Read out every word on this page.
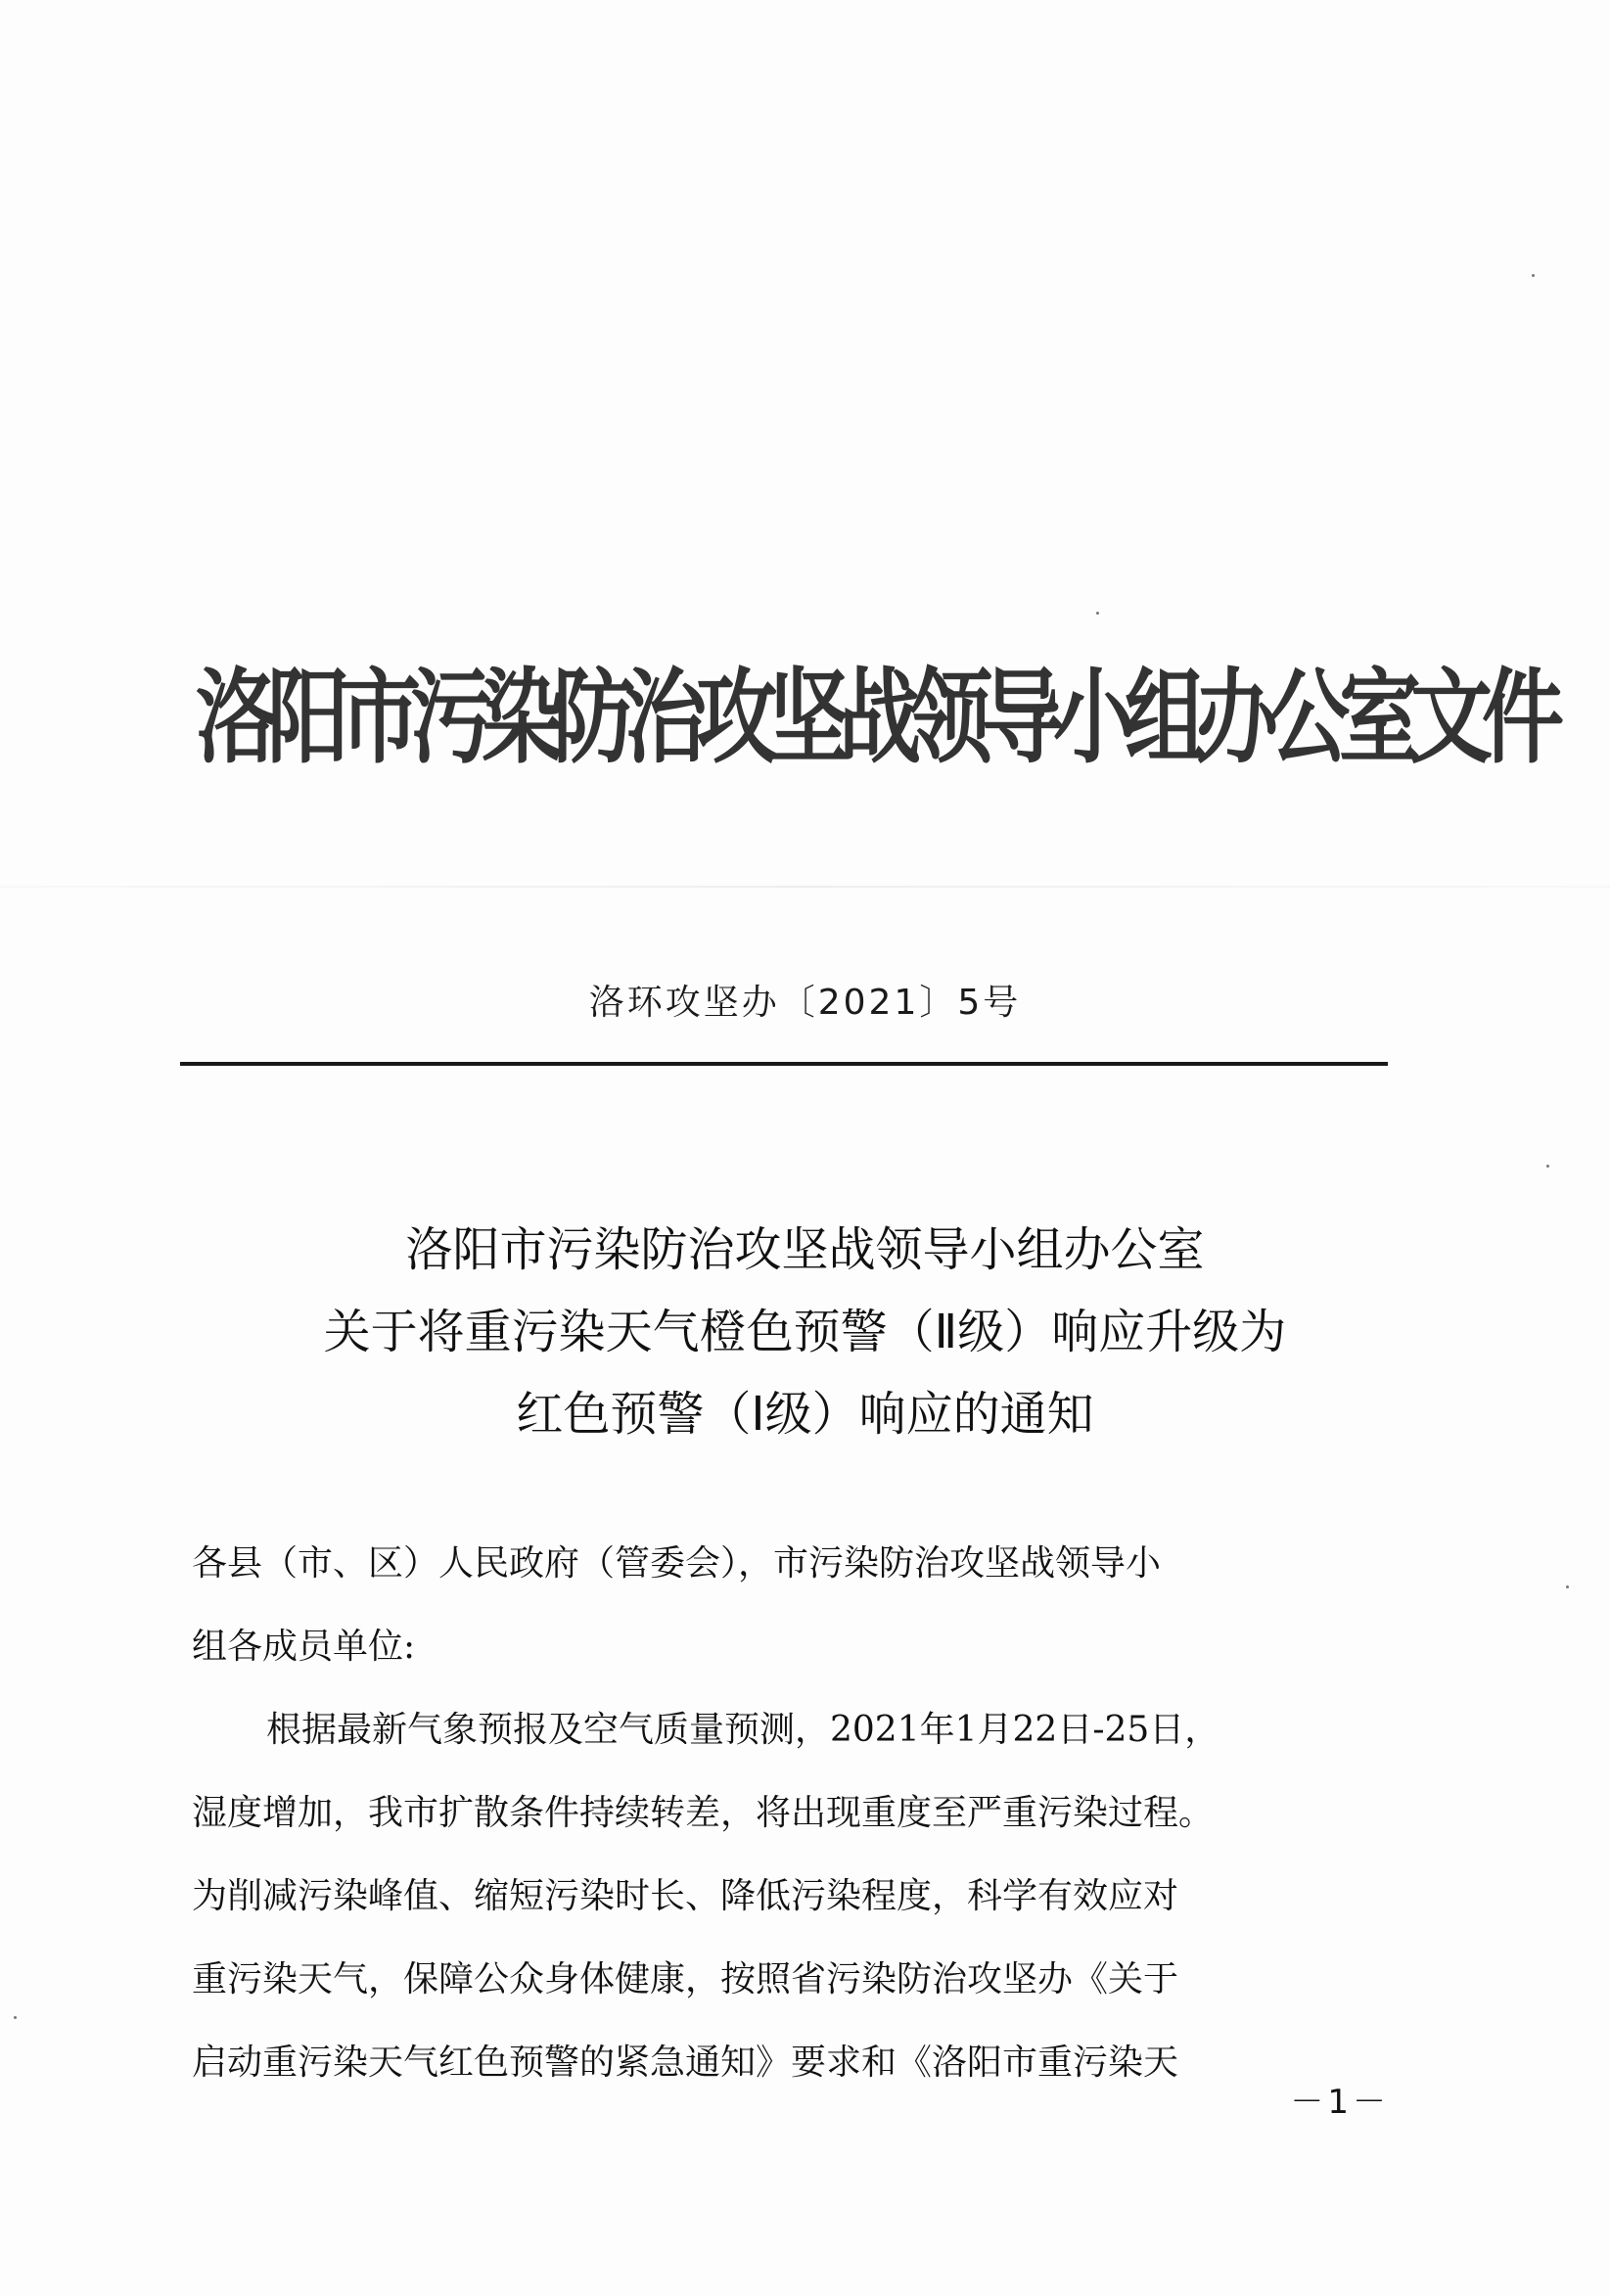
洛阳市污染防治攻坚战领导小组办公室文件
洛环攻坚办〔2021〕5号
洛阳市污染防治攻坚战领导小组办公室
关于将重污染天气橙色预警（Ⅱ级）响应升级为
红色预警（Ⅰ级）响应的通知
各县（市、区）人民政府（管委会），市污染防治攻坚战领导小
组各成员单位:
根据最新气象预报及空气质量预测，2021年1月22日-25日，
湿度增加，我市扩散条件持续转差，将出现重度至严重污染过程。
为削减污染峰值、缩短污染时长、降低污染程度，科学有效应对
重污染天气，保障公众身体健康，按照省污染防治攻坚办《关于
启动重污染天气红色预警的紧急通知》要求和《洛阳市重污染天
－1－
